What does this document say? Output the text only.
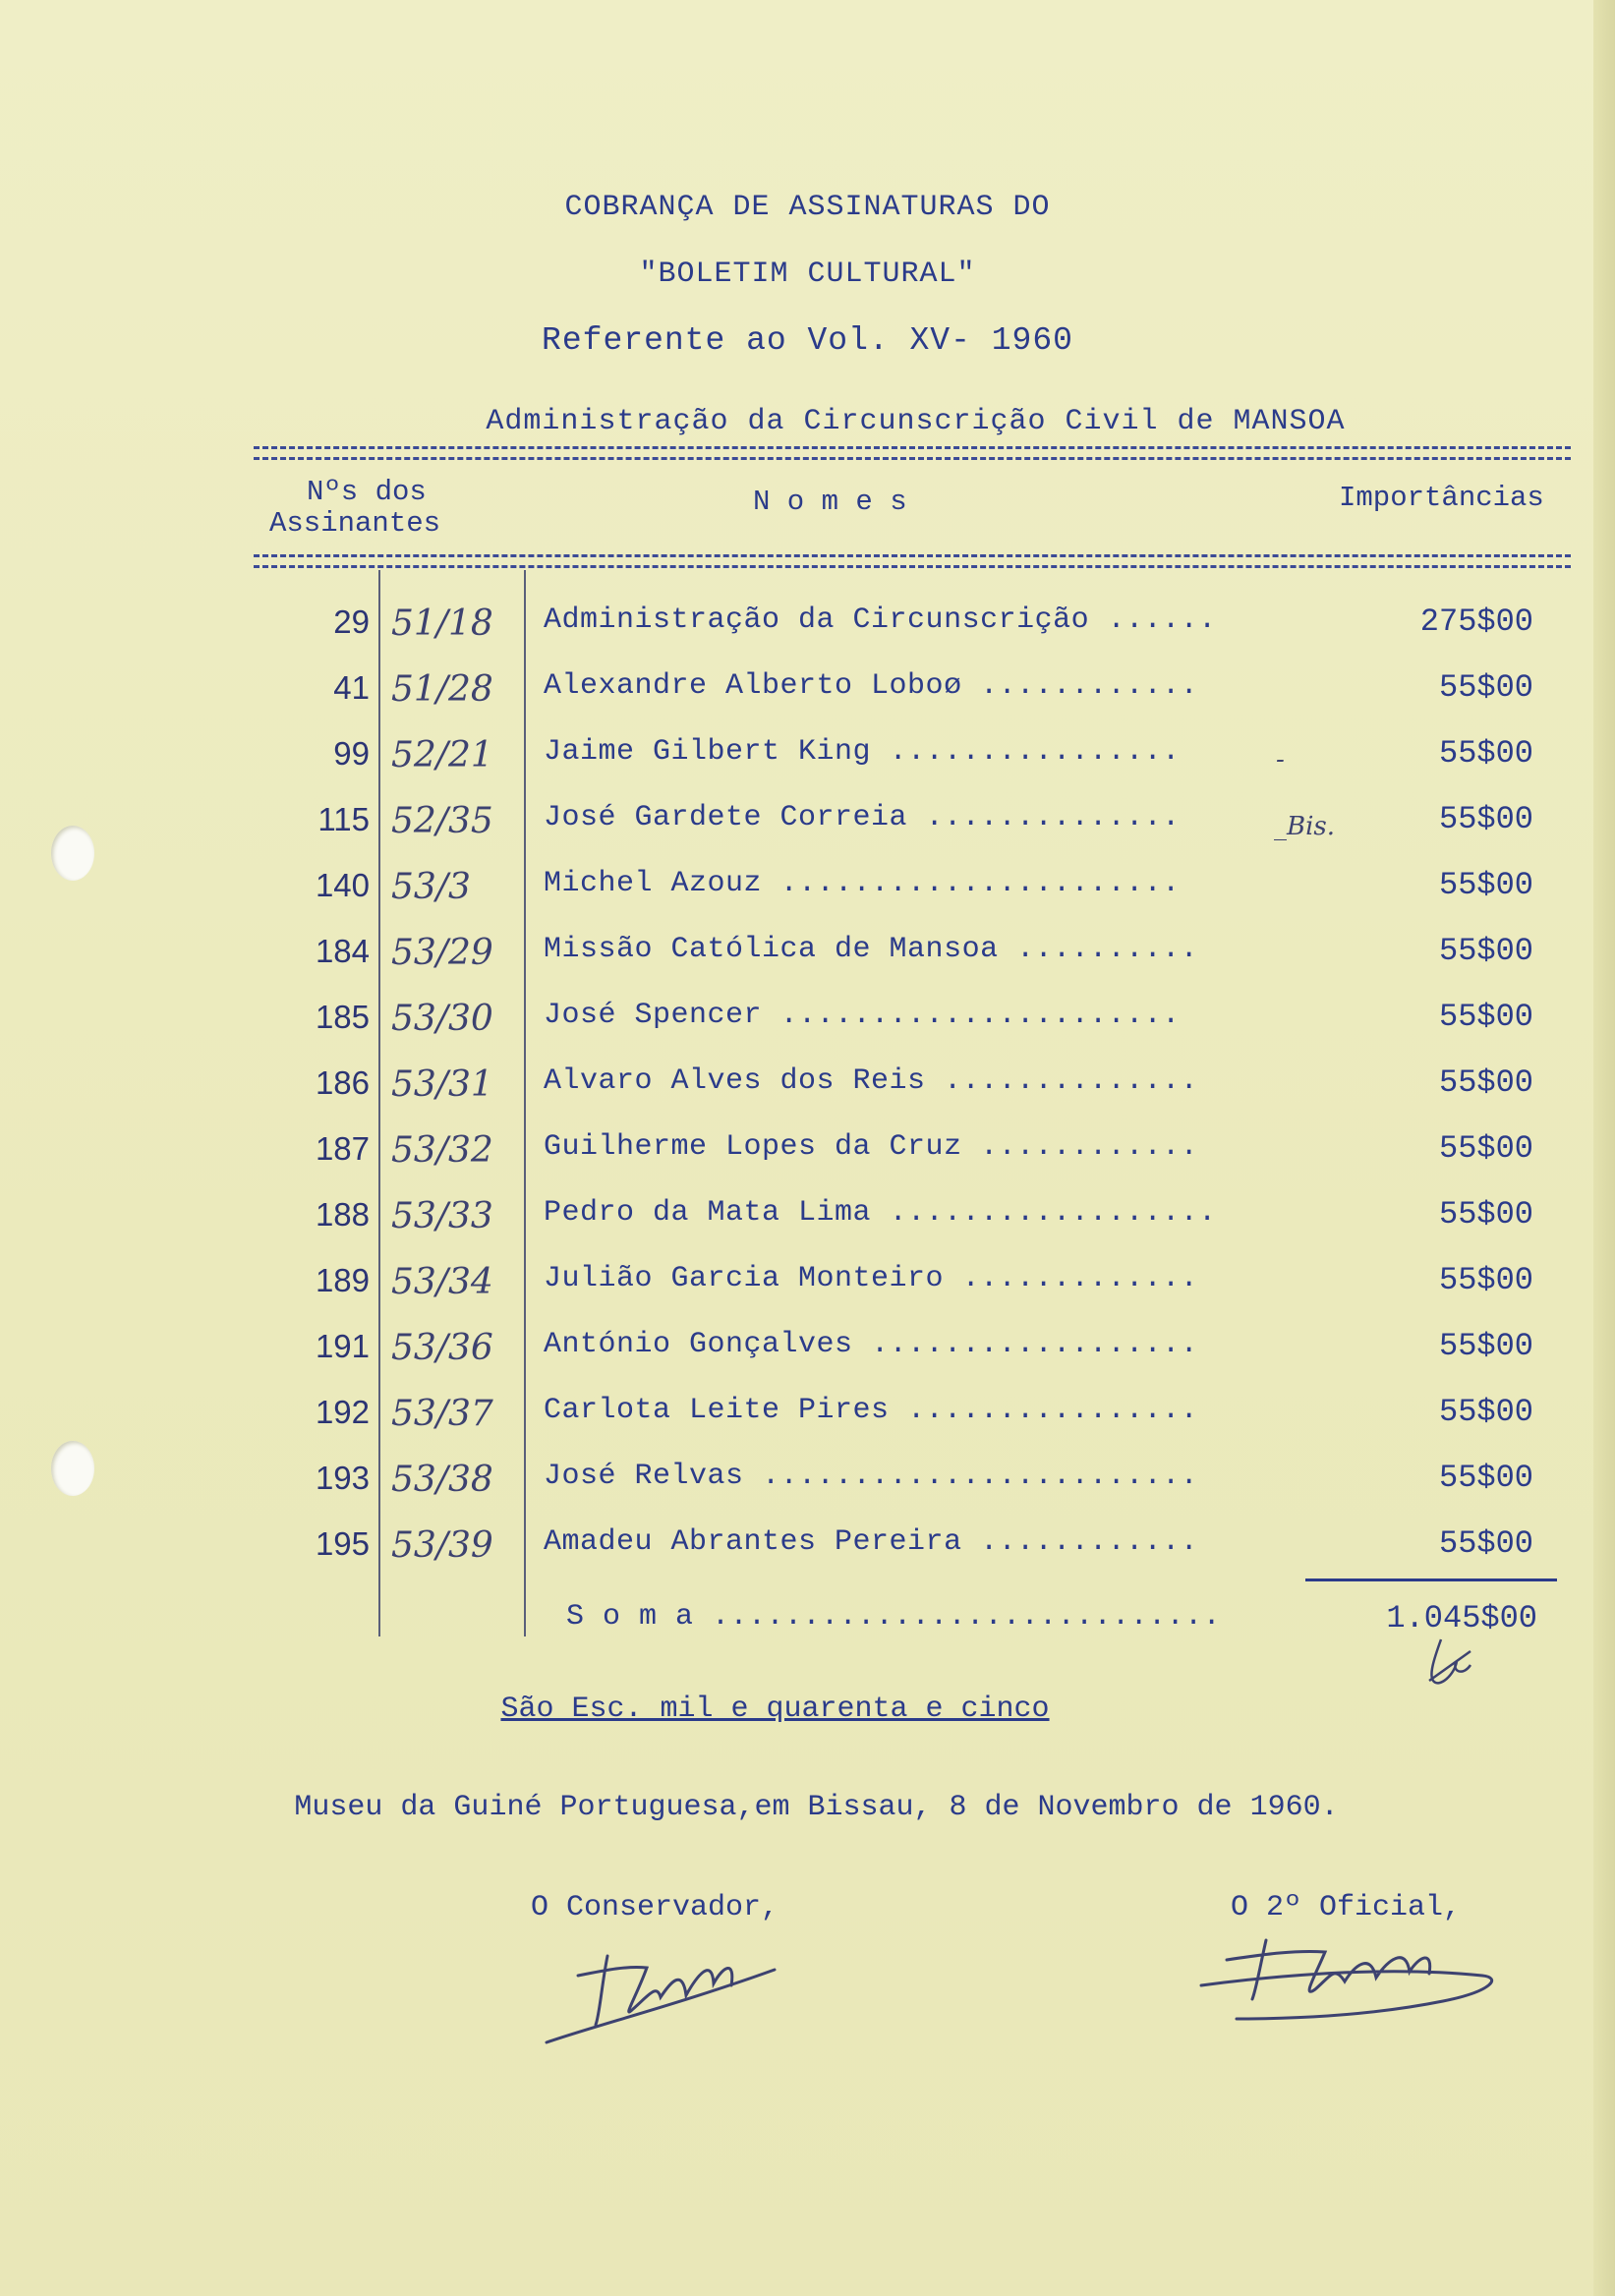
COBRANÇA DE ASSINATURAS DO
"BOLETIM CULTURAL"
Referente ao Vol. XV- 1960
Administração da Circunscrição Civil de MANSOA
Nºs dos
Assinantes
N o m e s	Importâncias
29 51/18 Administração da Circunscrição ......	275$00
41 51/28 Alexandre Alberto Loboø ............	55$00
99 52/21 Jaime Gilbert King ................	55$00
115 52/35 José Gardete Correia ..............	55$00
140 53/3 Michel Azouz ......................	55$00
184 53/29 Missão Católica de Mansoa ..........	55$00
185 53/30 José Spencer ......................	55$00
186 53/31 Alvaro Alves dos Reis ..............	55$00
187 53/32 Guilherme Lopes da Cruz ............	55$00
188 53/33 Pedro da Mata Lima ..................	55$00
189 53/34 Julião Garcia Monteiro .............	55$00
191 53/36 António Gonçalves ..................	55$00
192 53/37 Carlota Leite Pires ................	55$00
193 53/38 José Relvas ........................	55$00
195 53/39 Amadeu Abrantes Pereira ............	55$00
-
_Bis.
S o m a ............................	1.045$00
São Esc. mil e quarenta e cinco
Museu da Guiné Portuguesa,em Bissau, 8 de Novembro de 1960.
O Conservador,	O 2º Oficial,
